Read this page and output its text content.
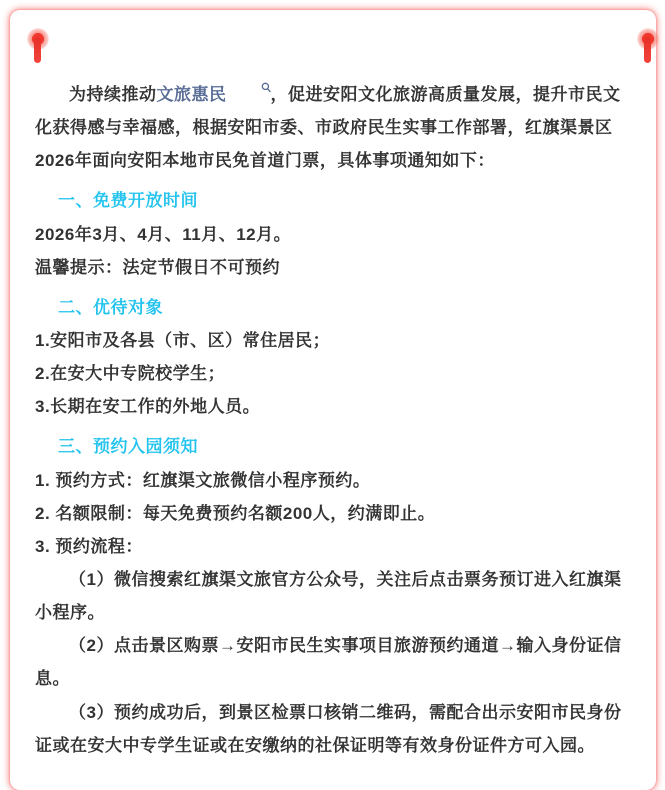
为持续推动文旅惠民	，促进安阳文化旅游高质量发展，提升市民文化获得感与幸福感，根据安阳市委、市政府民生实事工作部署，红旗渠景区2026年面向安阳本地市民免首道门票，具体事项通知如下：

一、免费开放时间

2026年3月、4月、11月、12月。

温馨提示：法定节假日不可预约

二、优待对象

1.安阳市及各县（市、区）常住居民；

2.在安大中专院校学生；

3.长期在安工作的外地人员。

三、预约入园须知

1. 预约方式：红旗渠文旅微信小程序预约。

2. 名额限制：每天免费预约名额200人，约满即止。

3. 预约流程：

（1）微信搜索红旗渠文旅官方公众号，关注后点击票务预订进入红旗渠小程序。

（2）点击景区购票→安阳市民生实事项目旅游预约通道→输入身份证信息。

（3）预约成功后，到景区检票口核销二维码，需配合出示安阳市民身份证或在安大中专学生证或在安缴纳的社保证明等有效身份证件方可入园。
